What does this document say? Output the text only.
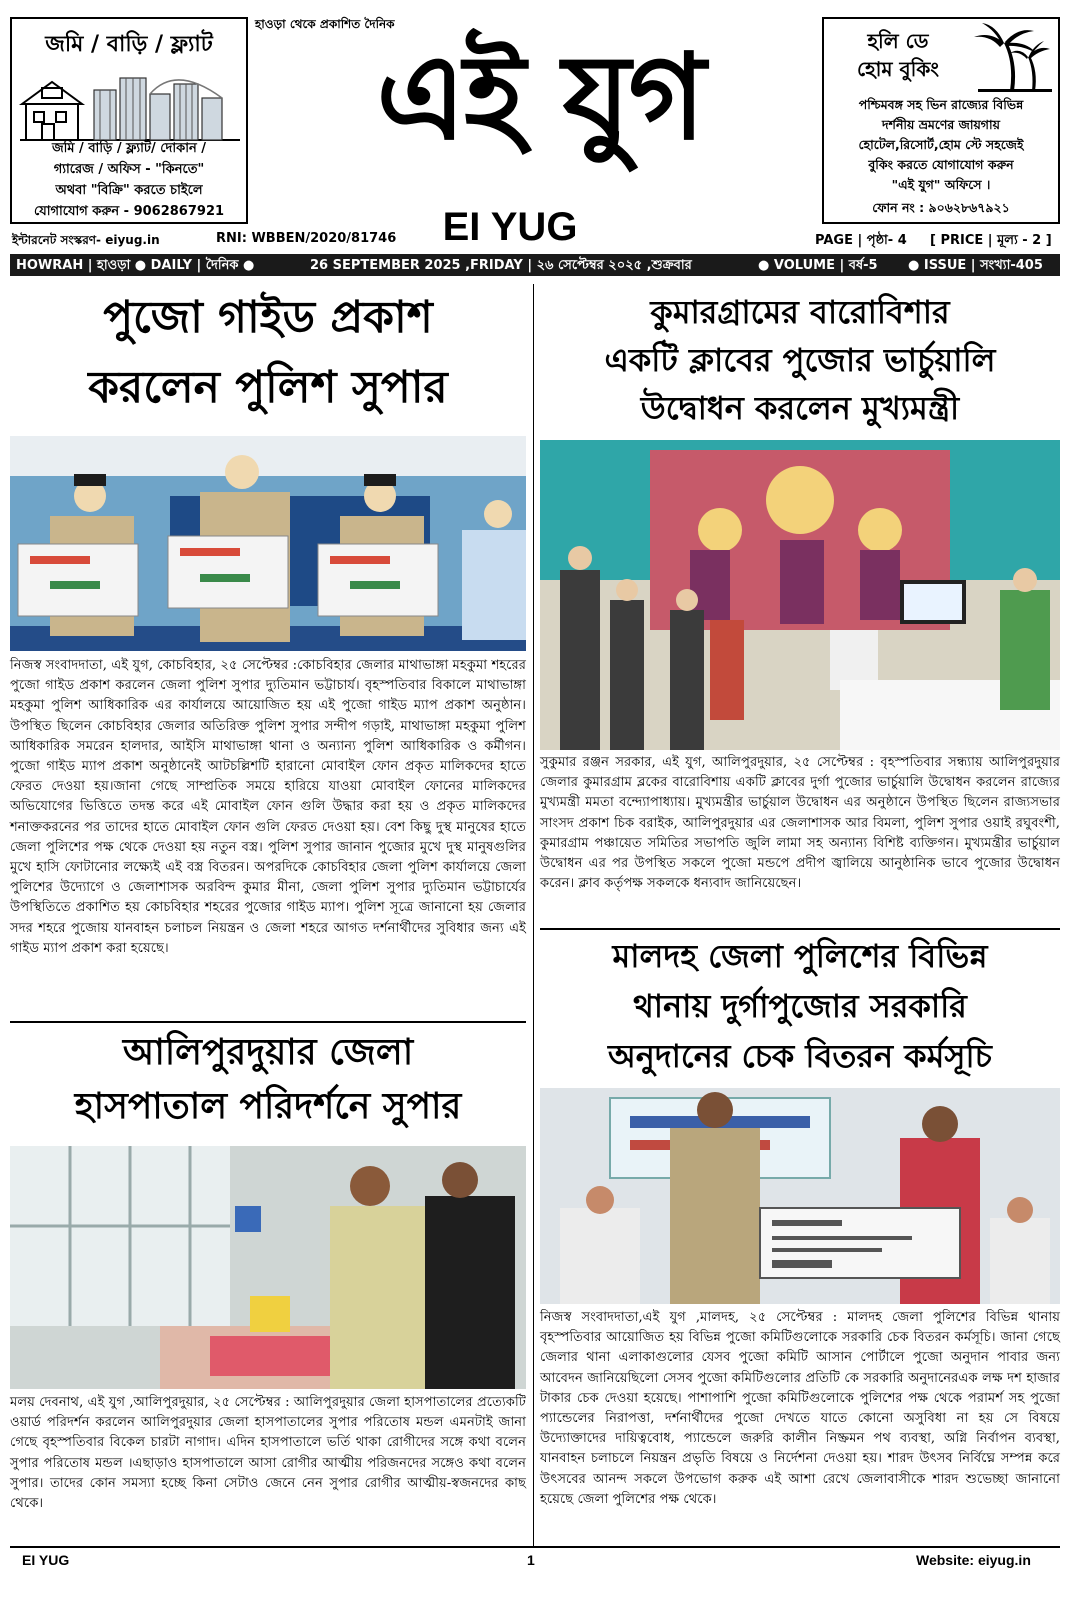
জমি / বাড়ি / ফ্ল্যাট
জমি / বাড়ি / ফ্ল্যাট/ দোকান /
গ্যারেজ / অফিস - "কিনতে"
অথবা "বিক্রি" করতে চাইলে
যোগাযোগ করুন - 9062867921
হাওড়া থেকে প্রকাশিত দৈনিক
এই যুগ
EI YUG
হলি ডে
হোম বুকিং
পশ্চিমবঙ্গ সহ ভিন রাজ্যের বিভিন্ন
দর্শনীয় ভ্রমণের জায়গায়
হোটেল,রিসোর্ট,হোম স্টে সহজেই
বুকিং করতে যোগাযোগ করুন
"এই যুগ" অফিসে ।
ফোন নং : ৯০৬২৮৬৭৯২১
ইন্টারনেট সংস্করণ- eiyug.in	RNI: WBBEN/2020/81746	PAGE | পৃষ্ঠা- 4 [ PRICE | মূল্য - 2 ]
HOWRAH | হাওড়া ● DAILY | দৈনিক ●	26 SEPTEMBER 2025 ,FRIDAY | ২৬ সেপ্টেম্বর ২০২৫ ,শুক্রবার	● VOLUME | বর্ষ-5 ● ISSUE | সংখ্যা-405
পুজো গাইড প্রকাশ
করলেন পুলিশ সুপার
নিজস্ব সংবাদদাতা, এই যুগ, কোচবিহার, ২৫ সেপ্টেম্বর :কোচবিহার জেলার মাথাভাঙ্গা মহকুমা শহরের পুজো গাইড প্রকাশ করলেন জেলা পুলিশ সুপার দ্যুতিমান ভট্টাচার্য। বৃহস্পতিবার বিকালে মাথাভাঙ্গা মহকুমা পুলিশ আধিকারিক এর কার্যালয়ে আয়োজিত হয় এই পুজো গাইড ম্যাপ প্রকাশ অনুষ্ঠান। উপস্থিত ছিলেন কোচবিহার জেলার অতিরিক্ত পুলিশ সুপার সন্দীপ গড়াই, মাথাভাঙ্গা মহকুমা পুলিশ আধিকারিক সমরেন হালদার, আইসি মাথাভাঙ্গা থানা ও অন্যান্য পুলিশ আধিকারিক ও কর্মীগন। পুজো গাইড ম্যাপ প্রকাশ অনুষ্ঠানেই আটচল্লিশটি হারানো মোবাইল ফোন প্রকৃত মালিকদের হাতে ফেরত দেওয়া হয়।জানা গেছে সাম্প্রতিক সময়ে হারিয়ে যাওয়া মোবাইল ফোনের মালিকদের অভিযোগের ভিত্তিতে তদন্ত করে এই মোবাইল ফোন গুলি উদ্ধার করা হয় ও প্রকৃত মালিকদের শনাক্তকরনের পর তাদের হাতে মোবাইল ফোন গুলি ফেরত দেওয়া হয়। বেশ কিছু দুস্থ মানুষের হাতে জেলা পুলিশের পক্ষ থেকে দেওয়া হয় নতুন বস্ত্র। পুলিশ সুপার জানান পুজোর মুখে দুস্থ মানুষগুলির মুখে হাসি ফোটানোর লক্ষ্যেই এই বস্ত্র বিতরন। অপরদিকে কোচবিহার জেলা পুলিশ কার্যালয়ে জেলা পুলিশের উদ্যোগে ও জেলাশাসক অরবিন্দ কুমার মীনা, জেলা পুলিশ সুপার দ্যুতিমান ভট্টাচার্যের উপস্থিতিতে প্রকাশিত হয় কোচবিহার শহরের পুজোর গাইড ম্যাপ। পুলিশ সূত্রে জানানো হয় জেলার সদর শহরে পুজোয় যানবাহন চলাচল নিয়ন্ত্রন ও জেলা শহরে আগত দর্শনার্থীদের সুবিধার জন্য এই গাইড ম্যাপ প্রকাশ করা হয়েছে।
কুমারগ্রামের বারোবিশার
একটি ক্লাবের পুজোর ভার্চুয়ালি
উদ্বোধন করলেন মুখ্যমন্ত্রী
সুকুমার রঞ্জন সরকার, এই যুগ, আলিপুরদুয়ার, ২৫ সেপ্টেম্বর : বৃহস্পতিবার সন্ধ্যায় আলিপুরদুয়ার জেলার কুমারগ্রাম ব্লকের বারোবিশায় একটি ক্লাবের দুর্গা পুজোর ভার্চুয়ালি উদ্বোধন করলেন রাজ্যের মুখ্যমন্ত্রী মমতা বন্দ্যোপাধ্যায়। মুখ্যমন্ত্রীর ভার্চুয়াল উদ্বোধন এর অনুষ্ঠানে উপস্থিত ছিলেন রাজ্যসভার সাংসদ প্রকাশ চিক বরাইক, আলিপুরদুয়ার এর জেলাশাসক আর বিমলা, পুলিশ সুপার ওয়াই রঘুবংশী, কুমারগ্রাম পঞ্চায়েত সমিতির সভাপতি জুলি লামা সহ অন্যান্য বিশিষ্ট ব্যক্তিগন। মুখ্যমন্ত্রীর ভার্চুয়াল উদ্বোধন এর পর উপস্থিত সকলে পুজো মন্ডপে প্রদীপ জ্বালিয়ে আনুষ্ঠানিক ভাবে পুজোর উদ্বোধন করেন। ক্লাব কর্তৃপক্ষ সকলকে ধন্যবাদ জানিয়েছেন।
আলিপুরদুয়ার জেলা
হাসপাতাল পরিদর্শনে সুপার
মলয় দেবনাথ, এই যুগ ,আলিপুরদুয়ার, ২৫ সেপ্টেম্বর : আলিপুরদুয়ার জেলা হাসপাতালের প্রত্যেকটি ওয়ার্ড পরিদর্শন করলেন আলিপুরদুয়ার জেলা হাসপাতালের সুপার পরিতোষ মন্ডল এমনটাই জানা গেছে বৃহস্পতিবার বিকেল চারটা নাগাদ। এদিন হাসপাতালে ভর্তি থাকা রোগীদের সঙ্গে কথা বলেন সুপার পরিতোষ মন্ডল ।এছাড়াও হাসপাতালে আসা রোগীর আত্মীয় পরিজনদের সঙ্গেও কথা বলেন সুপার। তাদের কোন সমস্যা হচ্ছে কিনা সেটাও জেনে নেন সুপার রোগীর আত্মীয়-স্বজনদের কাছ থেকে।
মালদহ জেলা পুলিশের বিভিন্ন
থানায় দুর্গাপুজোর সরকারি
অনুদানের চেক বিতরন কর্মসূচি
নিজস্ব সংবাদদাতা,এই যুগ ,মালদহ, ২৫ সেপ্টেম্বর : মালদহ জেলা পুলিশের বিভিন্ন থানায় বৃহস্পতিবার আয়োজিত হয় বিভিন্ন পুজো কমিটিগুলোকে সরকারি চেক বিতরন কর্মসূচি। জানা গেছে জেলার থানা এলাকাগুলোর যেসব পুজো কমিটি আসান পোর্টালে পুজো অনুদান পাবার জন্য আবেদন জানিয়েছিলো সেসব পুজো কমিটিগুলোর প্রতিটি কে সরকারি অনুদানেরএক লক্ষ দশ হাজার টাকার চেক দেওয়া হয়েছে। পাশাপাশি পুজো কমিটিগুলোকে পুলিশের পক্ষ থেকে পরামর্শ সহ পুজো প্যান্ডেলের নিরাপত্তা, দর্শনার্থীদের পুজো দেখতে যাতে কোনো অসুবিধা না হয় সে বিষয়ে উদ্যোক্তাদের দায়িত্ববোধ, প্যান্ডেলে জরুরি কালীন নিষ্ক্রমন পথ ব্যবস্থা, অগ্নি নির্বাপন ব্যবস্থা, যানবাহন চলাচলে নিয়ন্ত্রন প্রভৃতি বিষয়ে ও নির্দেশনা দেওয়া হয়। শারদ উৎসব নির্বিঘ্নে সম্পন্ন করে উৎসবের আনন্দ সকলে উপভোগ করুক এই আশা রেখে জেলাবাসীকে শারদ শুভেচ্ছা জানানো হয়েছে জেলা পুলিশের পক্ষ থেকে।
EI YUG	1	Website: eiyug.in
